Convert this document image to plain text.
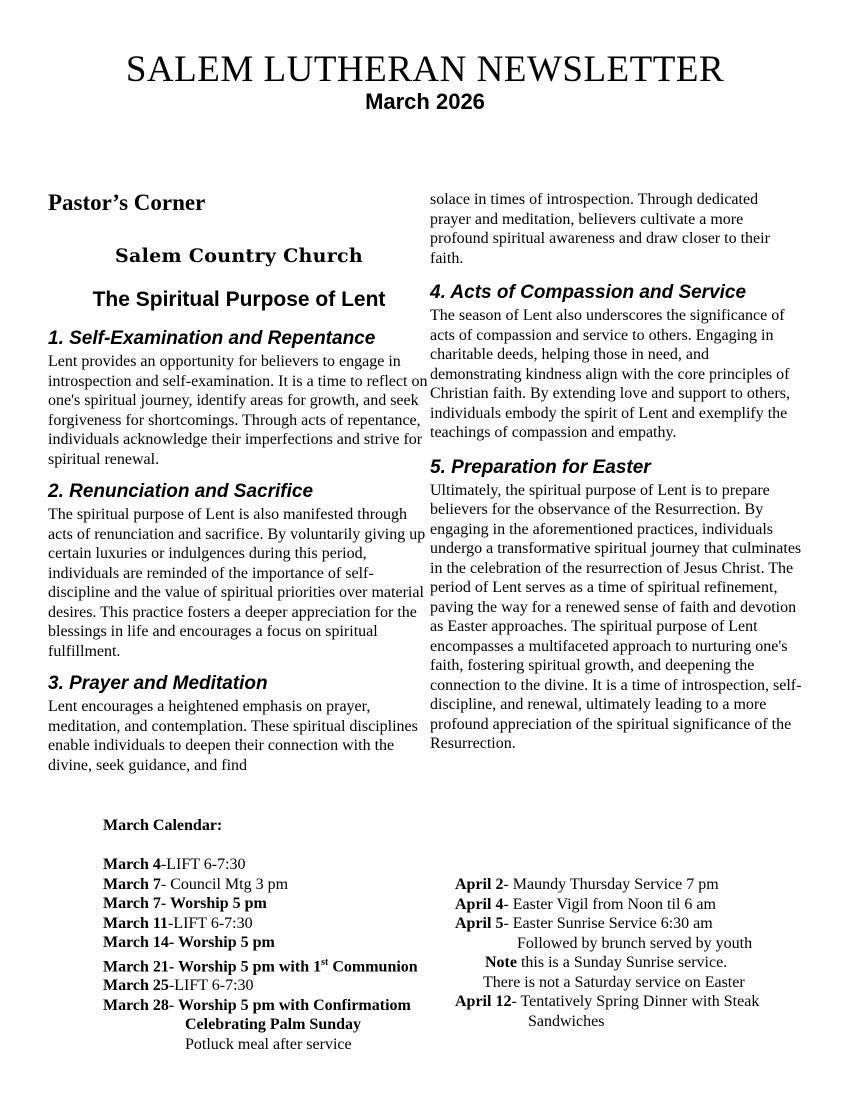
SALEM LUTHERAN NEWSLETTER
March 2026
Pastor’s Corner
Salem Country Church
The Spiritual Purpose of Lent
1. Self-Examination and Repentance

Lent provides an opportunity for believers to engage in introspection and self-examination. It is a time to reflect on one's spiritual journey, identify areas for growth, and seek forgiveness for shortcomings. Through acts of repentance, individuals acknowledge their imperfections and strive for spiritual renewal.

2. Renunciation and Sacrifice

The spiritual purpose of Lent is also manifested through acts of renunciation and sacrifice. By voluntarily giving up certain luxuries or indulgences during this period, individuals are reminded of the importance of self-discipline and the value of spiritual priorities over material desires. This practice fosters a deeper appreciation for the blessings in life and encourages a focus on spiritual fulfillment.

3. Prayer and Meditation

Lent encourages a heightened emphasis on prayer, meditation, and contemplation. These spiritual disciplines enable individuals to deepen their connection with the divine, seek guidance, and find

solace in times of introspection. Through dedicated prayer and meditation, believers cultivate a more profound spiritual awareness and draw closer to their faith.

4. Acts of Compassion and Service

The season of Lent also underscores the significance of acts of compassion and service to others. Engaging in charitable deeds, helping those in need, and demonstrating kindness align with the core principles of Christian faith. By extending love and support to others, individuals embody the spirit of Lent and exemplify the teachings of compassion and empathy.

5. Preparation for Easter

Ultimately, the spiritual purpose of Lent is to prepare believers for the observance of the Resurrection. By engaging in the aforementioned practices, individuals undergo a transformative spiritual journey that culminates in the celebration of the resurrection of Jesus Christ. The period of Lent serves as a time of spiritual refinement, paving the way for a renewed sense of faith and devotion as Easter approaches. The spiritual purpose of Lent encompasses a multifaceted approach to nurturing one's faith, fostering spiritual growth, and deepening the connection to the divine. It is a time of introspection, self-discipline, and renewal, ultimately leading to a more profound appreciation of the spiritual significance of the Resurrection.

March Calendar:
March 4-LIFT 6-7:30
March 7- Council Mtg 3 pm
March 7- Worship 5 pm
March 11-LIFT 6-7:30
March 14- Worship 5 pm
March 21- Worship 5 pm with 1st Communion
March 25-LIFT 6-7:30
March 28- Worship 5 pm with Confirmatiom
Celebrating Palm Sunday
Potluck meal after service
April 2- Maundy Thursday Service 7 pm
April 4- Easter Vigil from Noon til 6 am
April 5- Easter Sunrise Service 6:30 am
Followed by brunch served by youth
Note this is a Sunday Sunrise service.
There is not a Saturday service on Easter
April 12- Tentatively Spring Dinner with Steak
Sandwiches
